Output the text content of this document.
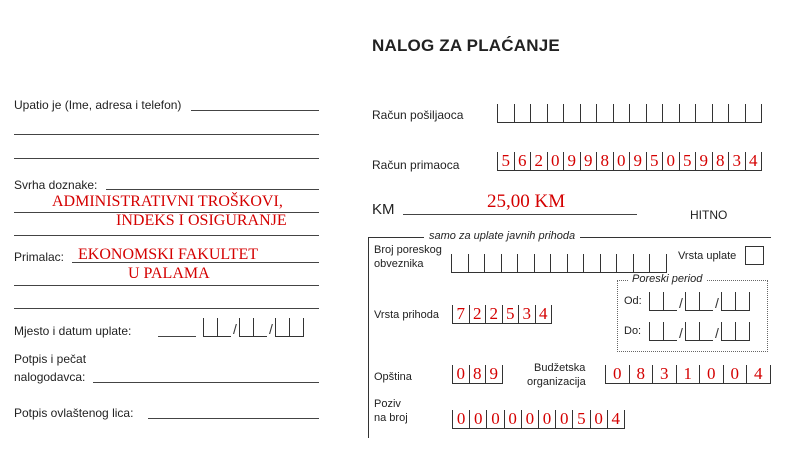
NALOG ZA PLAĆANJE
Upatio je (Ime, adresa i telefon)
Svrha doznake:
ADMINISTRATIVNI TROŠKOVI,
INDEKS I OSIGURANJE
Primalac: EKONOMSKI FAKULTET
U PALAMA
Mjesto i datum uplate:	/ /
Potpis i pečat
nalogodavca:
Potpis ovlaštenog lica:
Račun pošiljaoca
Račun primaoca 5 6 2 0 9 9 8 0 9 5 0 5 9 8 3 4
KM	25,00 KM
HITNO
samo za uplate javnih prihoda
Broj poreskog
obveznika
Vrsta uplate
Poreski period
Od:	/ /
Do:	/ /
Vrsta prihoda 7 2 2 5 3 4
Opština	0 8 9	Budžetska
organizacija 0 8 3 1 0 0 4
Poziv
na broj	0 0 0 0 0 0 0 5 0 4
